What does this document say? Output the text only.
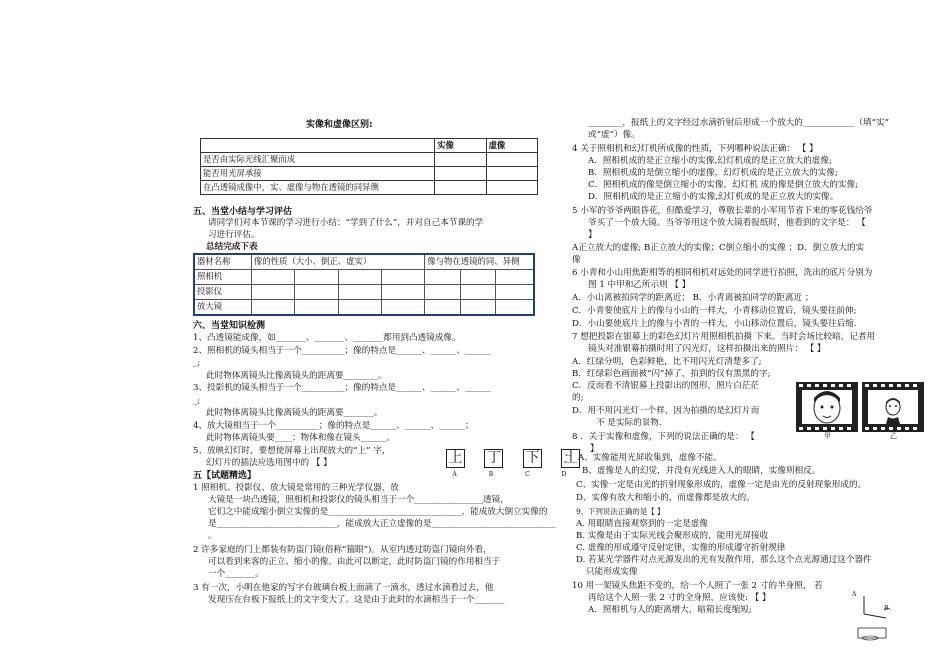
实像和虚像区别:
	实像	虚像
是否由实际光线汇聚而成		
能否用光屏承接		
在凸透镜成像中，实、虚像与物在透镜的同异侧		
五、当堂小结与学习评估
请同学们对本节课的学习进行小结：“学到了什么”，并对自己本节课的学
习进行评估。
总结完成下表
器材名称	像的性质（大小、倒正、虚实）				像与物在透镜的同、异侧		
照相机							
投影仪							
放大镜							
六、当堂知识检测
1、凸透镜能成像，如_______、_______、_______都用到凸透镜成像。
2、照相机的镜头相当于一个__________；像的特点是______、______、______
_;
此时物体离镜头比像离镜头的距离要________。
3、投影机的镜头相当于一个__________；像的特点是______、______、______
_;
此时物体离镜头比像离镜头的距离要_______。
4、放大镜相当于一个__________；像的特点是______、______、______；
此时物体离镜头要____；物体和像在镜头______。
5、放映幻灯时，要想使屏幕上出现放大的“上” 字，
幻灯片的插法应选用图中的 【 】	上 丁 下 上
A	B	C	D
五【试题精选】
1 照相机、投影仪、放大镜是常用的三种光学仪器，放
大镜是一块凸透镜，照相机和投影仪的镜头相当于一个________________透镜，
它们之中能成缩小倒立实像的是_______________________________，能成放大倒立实像的
是____________________________，能成放大正立虚像的是_____________________________
。
2 许多家庭的门上都装有防盗门镜(俗称“猫眼”)。从室内透过防盗门镜向外看，
可以看到来客的正立、缩小的像。由此可以断定，此时防盗门镜的作用相当于
一个_______。
3 有一次，小明在他家的写字台玻璃台板上面滴了一滴水，透过水滴看过去，他
发现压在台板下报纸上的文字变大了。这是由于此时的水滴相当于一个_______
________，报纸上的文字经过水滴折射后形成一个放大的____________（填“实”
或“虚”）像。
4 关于照相机和幻灯机所成像的性质，下列哪种说法正确： 【 】
A．照相机成的是正立缩小的实像,幻灯机成的是正立放大的虚像;
B．照相机成的是倒立缩小的虚像，幻灯机成的是正立放大的实像;
C．照相机成的像是倒立缩小的实像，幻灯机 成的像是倒立放大的实像;
D．照相机成的是正立缩小的实像,幻灯机成的是正立放大的实像。
5 小军的爷爷两眼昏花，但酷爱学习，尊敬长辈的小军用节省下来的零花钱给爷
爷买了一个放大镜。当爷爷用这个放大镜看报纸时，他看到的文字是： 【
】
A正立放大的虚像; B正立放大的实像；C倒立缩小的实像 ；D、倒立放大的实
像
6 小青和小山用焦距相等的相同相机对远处的同学进行拍照，洗出的底片分别为
图 1 中甲和乙所示则 【 】
A．小山离被拍同学的距离近； B．小青离被拍同学的距离近 ；
C．小青要使底片上的像与小山的一样大，小青移动位置后，镜头要往前伸;
D．小山要使底片上的像与小青的一样大，小山移动位置后，镜头要往后缩.
7 想把投影在银幕上的彩色幻灯片用照相机拍摄 下来。当时会场比较暗，记者用
镜头对准银幕拍摄时用了闪光灯，这样拍摄出来的照片： 【 】
A．红绿分明，色彩鲜艳，比不用闪光灯清楚多了;
B．红绿彩色画面被“闪”掉了，拍到的仅有黑黑的字;
C．反而看不清银幕上投影出的图形，照片白茫茫
的;
D．用不用闪光灯一个样，因为拍摄的是幻灯片而
不 是实际的景物.
8 ．关于实像和虚像，下列的说法正确的是： 【
】
A、实像能用光屏收集到，虚像不能。
B、虚像是人的幻觉，并没有光线进入人的眼睛，实像则相反。
C、实像一定是由光的折射现象形成的，虚像一定是由光的反射现象形成的。
D、实像有放大和缩小的，而虚像都是放大的。
9、下列说法正确的是【 】
A. 用眼睛直接观察到的一定是虚像
B. 实像是由于实际光线会聚形成的，能用光屏接收
C. 虚像的形成遵守反射定律，实像的形成遵守折射规律
D. 若某光学器件对点光源发出的光有发散作用，那么这个点光源通过这个器件
只能形成实像
10 用一架镜头焦距不变的，给一个人照了一张 2 寸的半身照， 若
再给这个人照一张 2 寸的全身照，应该使: 【 】
A．照相机与人的距离增大，暗箱长度缩短;
甲	乙
A
B
